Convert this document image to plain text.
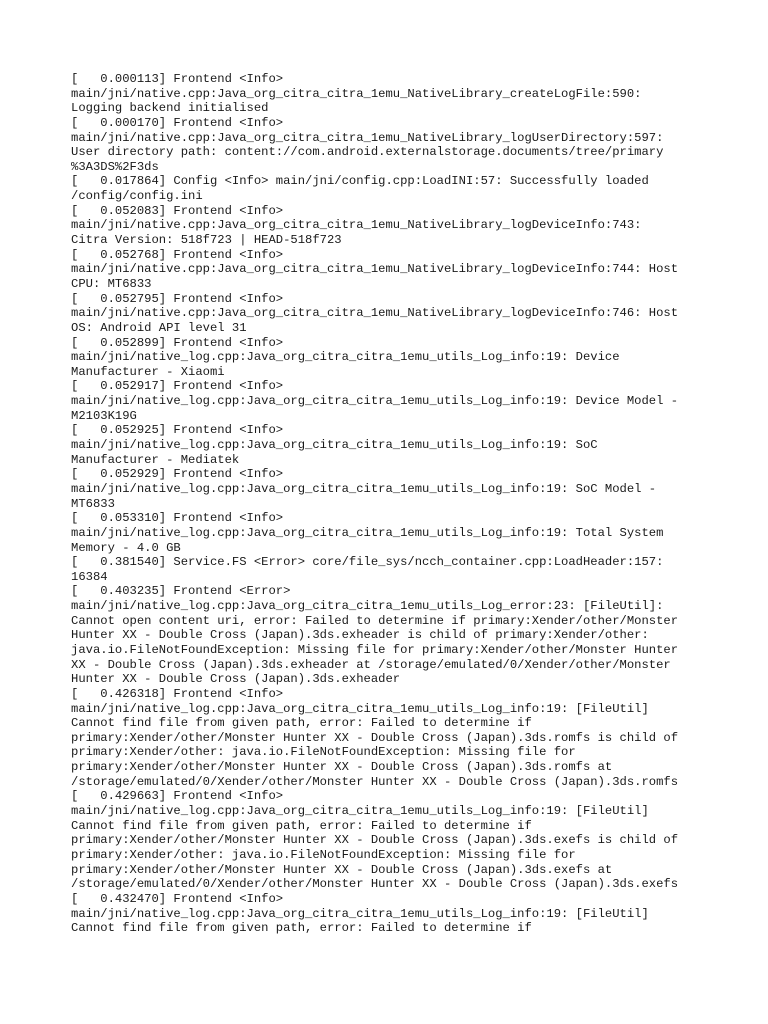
[   0.000113] Frontend <Info>
main/jni/native.cpp:Java_org_citra_citra_1emu_NativeLibrary_createLogFile:590:
Logging backend initialised
[   0.000170] Frontend <Info>
main/jni/native.cpp:Java_org_citra_citra_1emu_NativeLibrary_logUserDirectory:597:
User directory path: content://com.android.externalstorage.documents/tree/primary
%3A3DS%2F3ds
[   0.017864] Config <Info> main/jni/config.cpp:LoadINI:57: Successfully loaded
/config/config.ini
[   0.052083] Frontend <Info>
main/jni/native.cpp:Java_org_citra_citra_1emu_NativeLibrary_logDeviceInfo:743:
Citra Version: 518f723 | HEAD-518f723
[   0.052768] Frontend <Info>
main/jni/native.cpp:Java_org_citra_citra_1emu_NativeLibrary_logDeviceInfo:744: Host
CPU: MT6833
[   0.052795] Frontend <Info>
main/jni/native.cpp:Java_org_citra_citra_1emu_NativeLibrary_logDeviceInfo:746: Host
OS: Android API level 31
[   0.052899] Frontend <Info>
main/jni/native_log.cpp:Java_org_citra_citra_1emu_utils_Log_info:19: Device
Manufacturer - Xiaomi
[   0.052917] Frontend <Info>
main/jni/native_log.cpp:Java_org_citra_citra_1emu_utils_Log_info:19: Device Model -
M2103K19G
[   0.052925] Frontend <Info>
main/jni/native_log.cpp:Java_org_citra_citra_1emu_utils_Log_info:19: SoC
Manufacturer - Mediatek
[   0.052929] Frontend <Info>
main/jni/native_log.cpp:Java_org_citra_citra_1emu_utils_Log_info:19: SoC Model -
MT6833
[   0.053310] Frontend <Info>
main/jni/native_log.cpp:Java_org_citra_citra_1emu_utils_Log_info:19: Total System
Memory - 4.0 GB
[   0.381540] Service.FS <Error> core/file_sys/ncch_container.cpp:LoadHeader:157:
16384
[   0.403235] Frontend <Error>
main/jni/native_log.cpp:Java_org_citra_citra_1emu_utils_Log_error:23: [FileUtil]:
Cannot open content uri, error: Failed to determine if primary:Xender/other/Monster
Hunter XX - Double Cross (Japan).3ds.exheader is child of primary:Xender/other:
java.io.FileNotFoundException: Missing file for primary:Xender/other/Monster Hunter
XX - Double Cross (Japan).3ds.exheader at /storage/emulated/0/Xender/other/Monster
Hunter XX - Double Cross (Japan).3ds.exheader
[   0.426318] Frontend <Info>
main/jni/native_log.cpp:Java_org_citra_citra_1emu_utils_Log_info:19: [FileUtil]
Cannot find file from given path, error: Failed to determine if
primary:Xender/other/Monster Hunter XX - Double Cross (Japan).3ds.romfs is child of
primary:Xender/other: java.io.FileNotFoundException: Missing file for
primary:Xender/other/Monster Hunter XX - Double Cross (Japan).3ds.romfs at
/storage/emulated/0/Xender/other/Monster Hunter XX - Double Cross (Japan).3ds.romfs
[   0.429663] Frontend <Info>
main/jni/native_log.cpp:Java_org_citra_citra_1emu_utils_Log_info:19: [FileUtil]
Cannot find file from given path, error: Failed to determine if
primary:Xender/other/Monster Hunter XX - Double Cross (Japan).3ds.exefs is child of
primary:Xender/other: java.io.FileNotFoundException: Missing file for
primary:Xender/other/Monster Hunter XX - Double Cross (Japan).3ds.exefs at
/storage/emulated/0/Xender/other/Monster Hunter XX - Double Cross (Japan).3ds.exefs
[   0.432470] Frontend <Info>
main/jni/native_log.cpp:Java_org_citra_citra_1emu_utils_Log_info:19: [FileUtil]
Cannot find file from given path, error: Failed to determine if
